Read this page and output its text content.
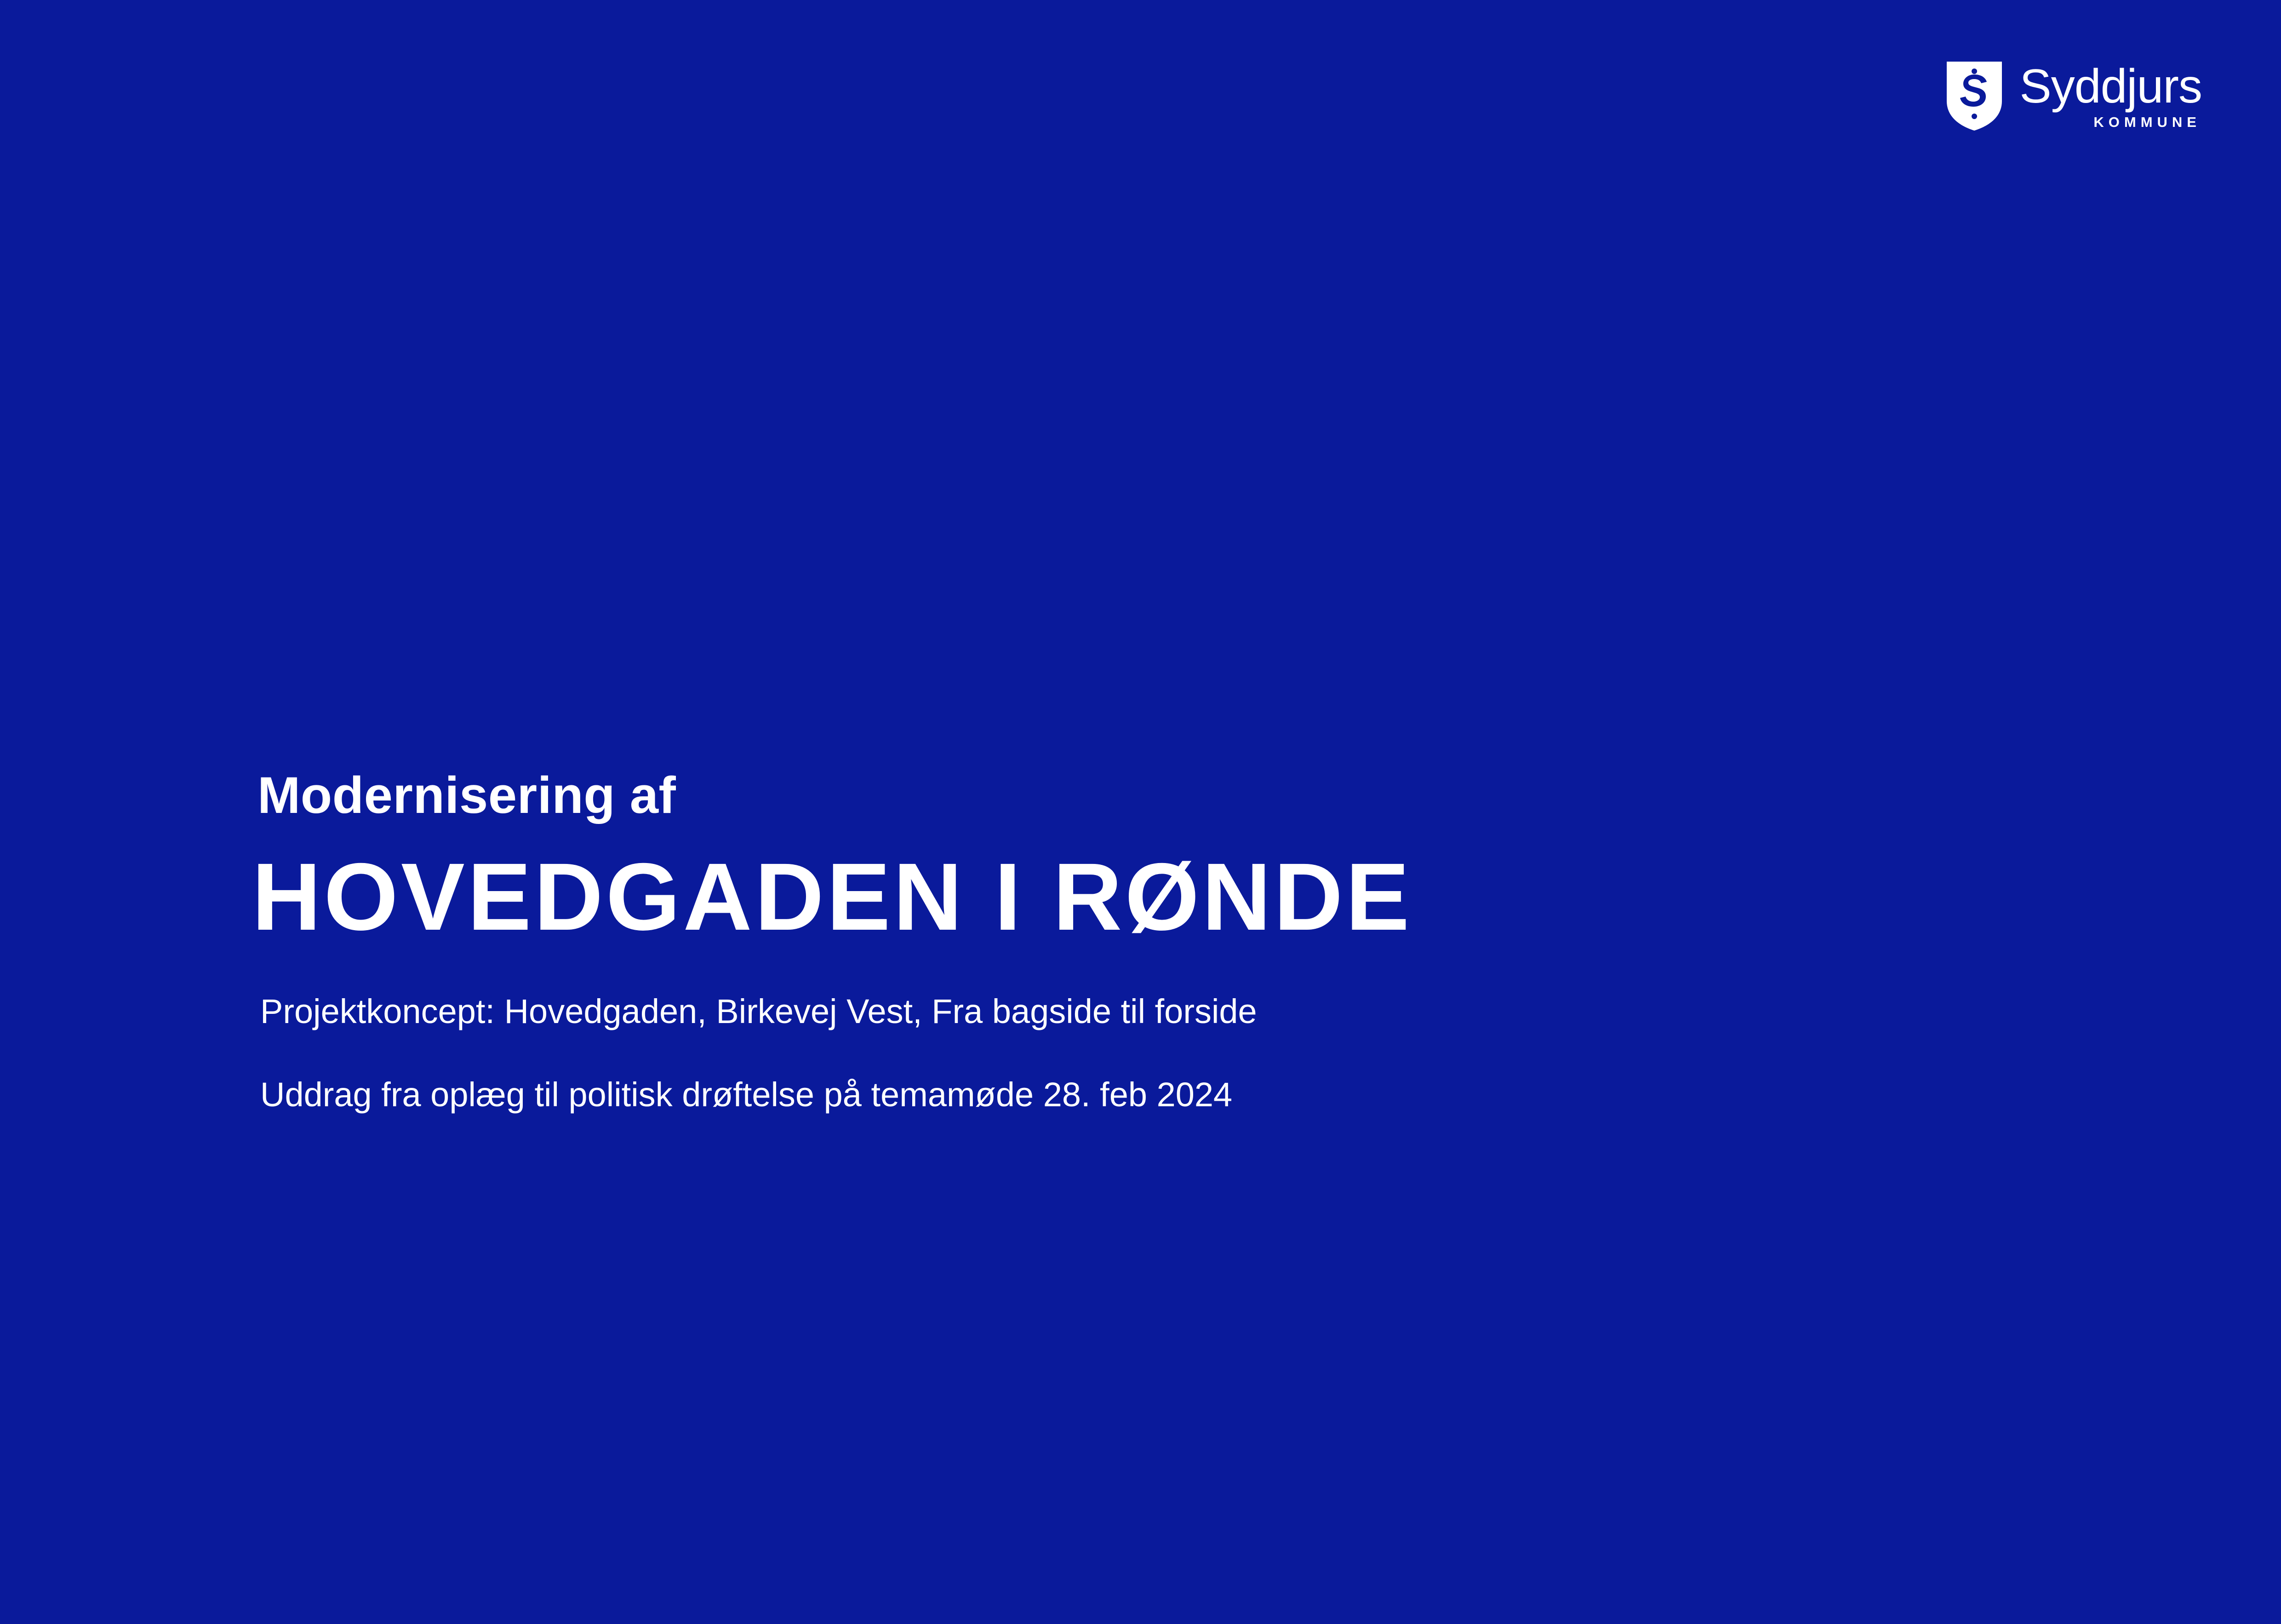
Syddjurs
KOMMUNE

Modernisering af

HOVEDGADEN I RØNDE

Projektkoncept: Hovedgaden, Birkevej Vest, Fra bagside til forside

Uddrag fra oplæg til politisk drøftelse på temamøde 28. feb 2024
